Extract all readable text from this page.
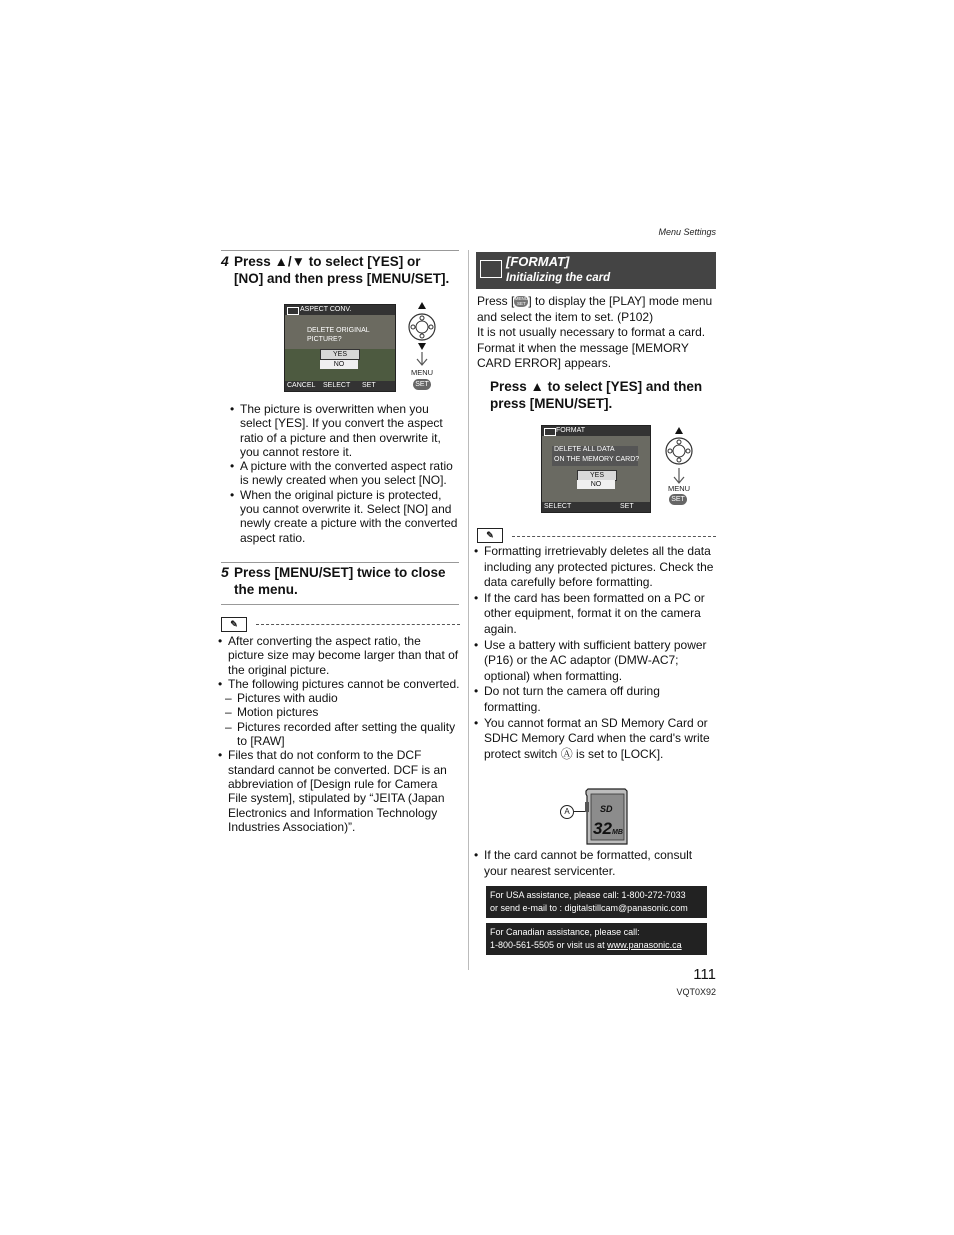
Menu Settings
4 Press ▲/▼ to select [YES] or
[NO] and then press [MENU/SET].
ASPECT CONV.
DELETE ORIGINAL
PICTURE?
YES
NO
CANCEL SELECT SET
MENU
SET
• The picture is overwritten when you select [YES]. If you convert the aspect ratio of a picture and then overwrite it, you cannot restore it.
• A picture with the converted aspect ratio is newly created when you select [NO].
• When the original picture is protected, you cannot overwrite it. Select [NO] and newly create a picture with the converted aspect ratio.
5 Press [MENU/SET] twice to close
the menu.
✎
• After converting the aspect ratio, the picture size may become larger than that of the original picture.
• The following pictures cannot be converted.
– Pictures with audio
– Motion pictures
– Pictures recorded after setting the quality to [RAW]
• Files that do not conform to the DCF standard cannot be converted. DCF is an abbreviation of [Design rule for Camera File system], stipulated by “JEITA (Japan Electronics and Information Technology Industries Association)”.
[FORMAT]
Initializing the card
Press [MENU
SET ] to display the [PLAY] mode menu and select the item to set. (P102)
It is not usually necessary to format a card. Format it when the message [MEMORY CARD ERROR] appears.
Press ▲ to select [YES] and then
press [MENU/SET].
FORMAT
DELETE ALL DATA
ON THE MEMORY CARD?
YES
NO
SELECT	SET
MENU
SET
✎
• Formatting irretrievably deletes all the data including any protected pictures. Check the data carefully before formatting.
• If the card has been formatted on a PC or other equipment, format it on the camera again.
• Use a battery with sufficient battery power (P16) or the AC adaptor (DMW-AC7; optional) when formatting.
• Do not turn the camera off during formatting.
• You cannot format an SD Memory Card or SDHC Memory Card when the card's write protect switch Ⓐ is set to [LOCK].
A	SD
32 MB
• If the card cannot be formatted, consult your nearest servicenter.
For USA assistance, please call: 1-800-272-7033
or send e-mail to : digitalstillcam@panasonic.com
For Canadian assistance, please call:
1-800-561-5505 or visit us at www.panasonic.ca
111
VQT0X92
